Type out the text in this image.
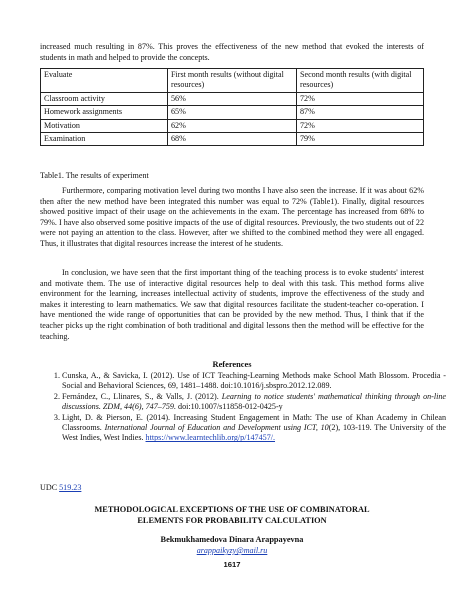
increased much resulting in 87%. This proves the effectiveness of the new method that evoked the interests of students in math and helped to provide the concepts.

Evaluate	First month results (without digital resources)	Second month results (with digital resources)
Classroom activity	56%	72%
Homework assignments	65%	87%
Motivation	62%	72%
Examination	68%	79%
Table1. The results of experiment

Furthermore, comparing motivation level during two months I have also seen the increase. If it was about 62% then after the new method have been integrated this number was equal to 72% (Table1). Finally, digital resources showed positive impact of their usage on the achievements in the exam. The percentage has increased from 68% to 79%. I have also observed some positive impacts of the use of digital resources. Previously, the two students out of 22 were not paying an attention to the class. However, after we shifted to the combined method they were all engaged. Thus, it illustrates that digital resources increase the interest of he students.

In conclusion, we have seen that the first important thing of the teaching process is to evoke students' interest and motivate them. The use of interactive digital resources help to deal with this task. This method forms alive environment for the learning, increases intellectual activity of students, improve the effectiveness of the study and makes it interesting to learn mathematics. We saw that digital resources facilitate the student-teacher co-operation. I have mentioned the wide range of opportunities that can be provided by the new method. Thus, I think that if the teacher picks up the right combination of both traditional and digital lessons then the method will be effective for the teaching.

References
1. Cunska, A., & Savicka, I. (2012). Use of ICT Teaching-Learning Methods make School Math Blossom. Procedia - Social and Behavioral Sciences, 69, 1481–1488. doi:10.1016/j.sbspro.2012.12.089.
2. Fernández, C., Llinares, S., & Valls, J. (2012). Learning to notice students' mathematical thinking through on-line discussions. ZDM, 44(6), 747–759. doi:10.1007/s11858-012-0425-y
3. Light, D. & Pierson, E. (2014). Increasing Student Engagement in Math: The use of Khan Academy in Chilean Classrooms. International Journal of Education and Development using ICT, 10(2), 103-119. The University of the West Indies, West Indies. https://www.learntechlib.org/p/147457/.
UDC 519.23
METHODOLOGICAL EXCEPTIONS OF THE USE OF COMBINATORAL ELEMENTS FOR PROBABILITY CALCULATION
Bekmukhamedova Dinara Arappayevna
arappaikyzy@mail.ru
1617
